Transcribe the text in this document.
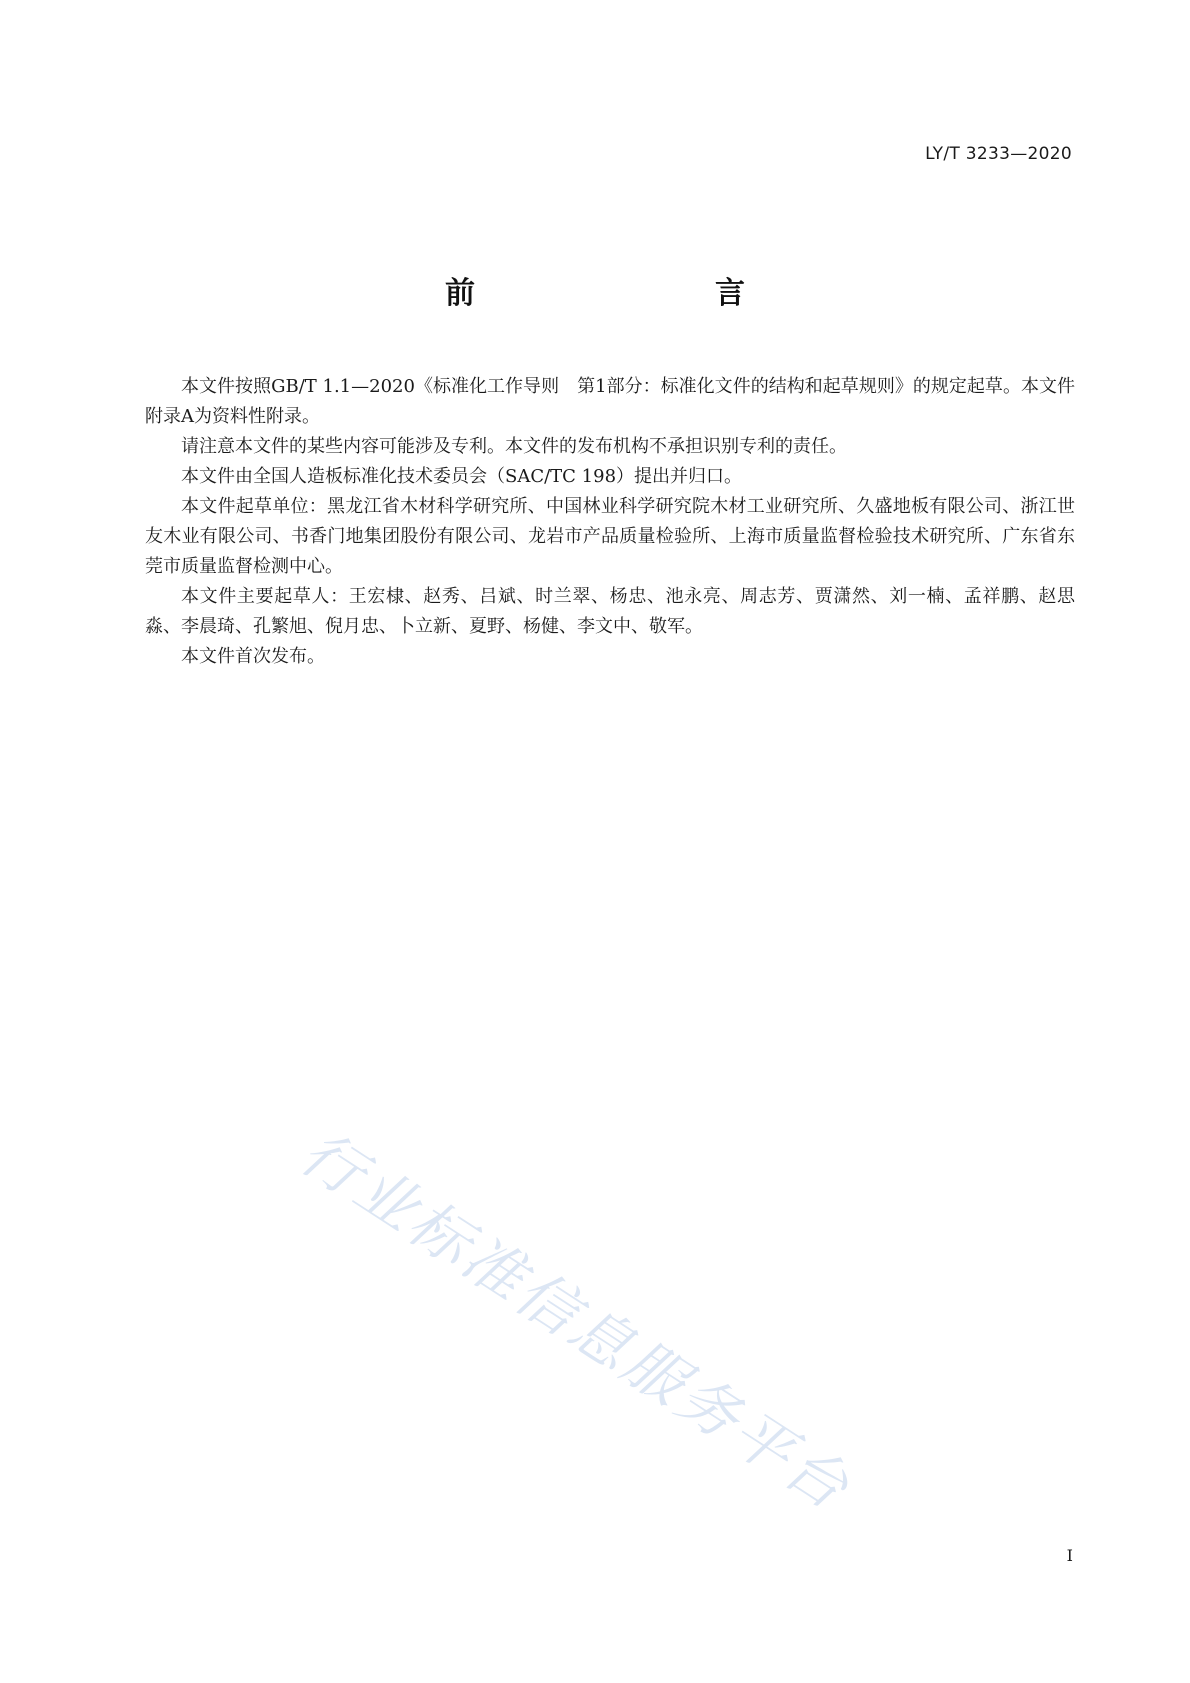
LY/T 3233—2020
前　　言

本文件按照GB/T 1.1—2020《标准化工作导则　第1部分：标准化文件的结构和起草规则》的规定起草。本文件附录A为资料性附录。

请注意本文件的某些内容可能涉及专利。本文件的发布机构不承担识别专利的责任。

本文件由全国人造板标准化技术委员会（SAC/TC 198）提出并归口。

本文件起草单位：黑龙江省木材科学研究所、中国林业科学研究院木材工业研究所、久盛地板有限公司、浙江世友木业有限公司、书香门地集团股份有限公司、龙岩市产品质量检验所、上海市质量监督检验技术研究所、广东省东莞市质量监督检测中心。

本文件主要起草人：王宏棣、赵秀、吕斌、时兰翠、杨忠、池永亮、周志芳、贾潇然、刘一楠、孟祥鹏、赵思淼、李晨琦、孔繁旭、倪月忠、卜立新、夏野、杨健、李文中、敬军。

本文件首次发布。

行业标准信息服务平台
I
